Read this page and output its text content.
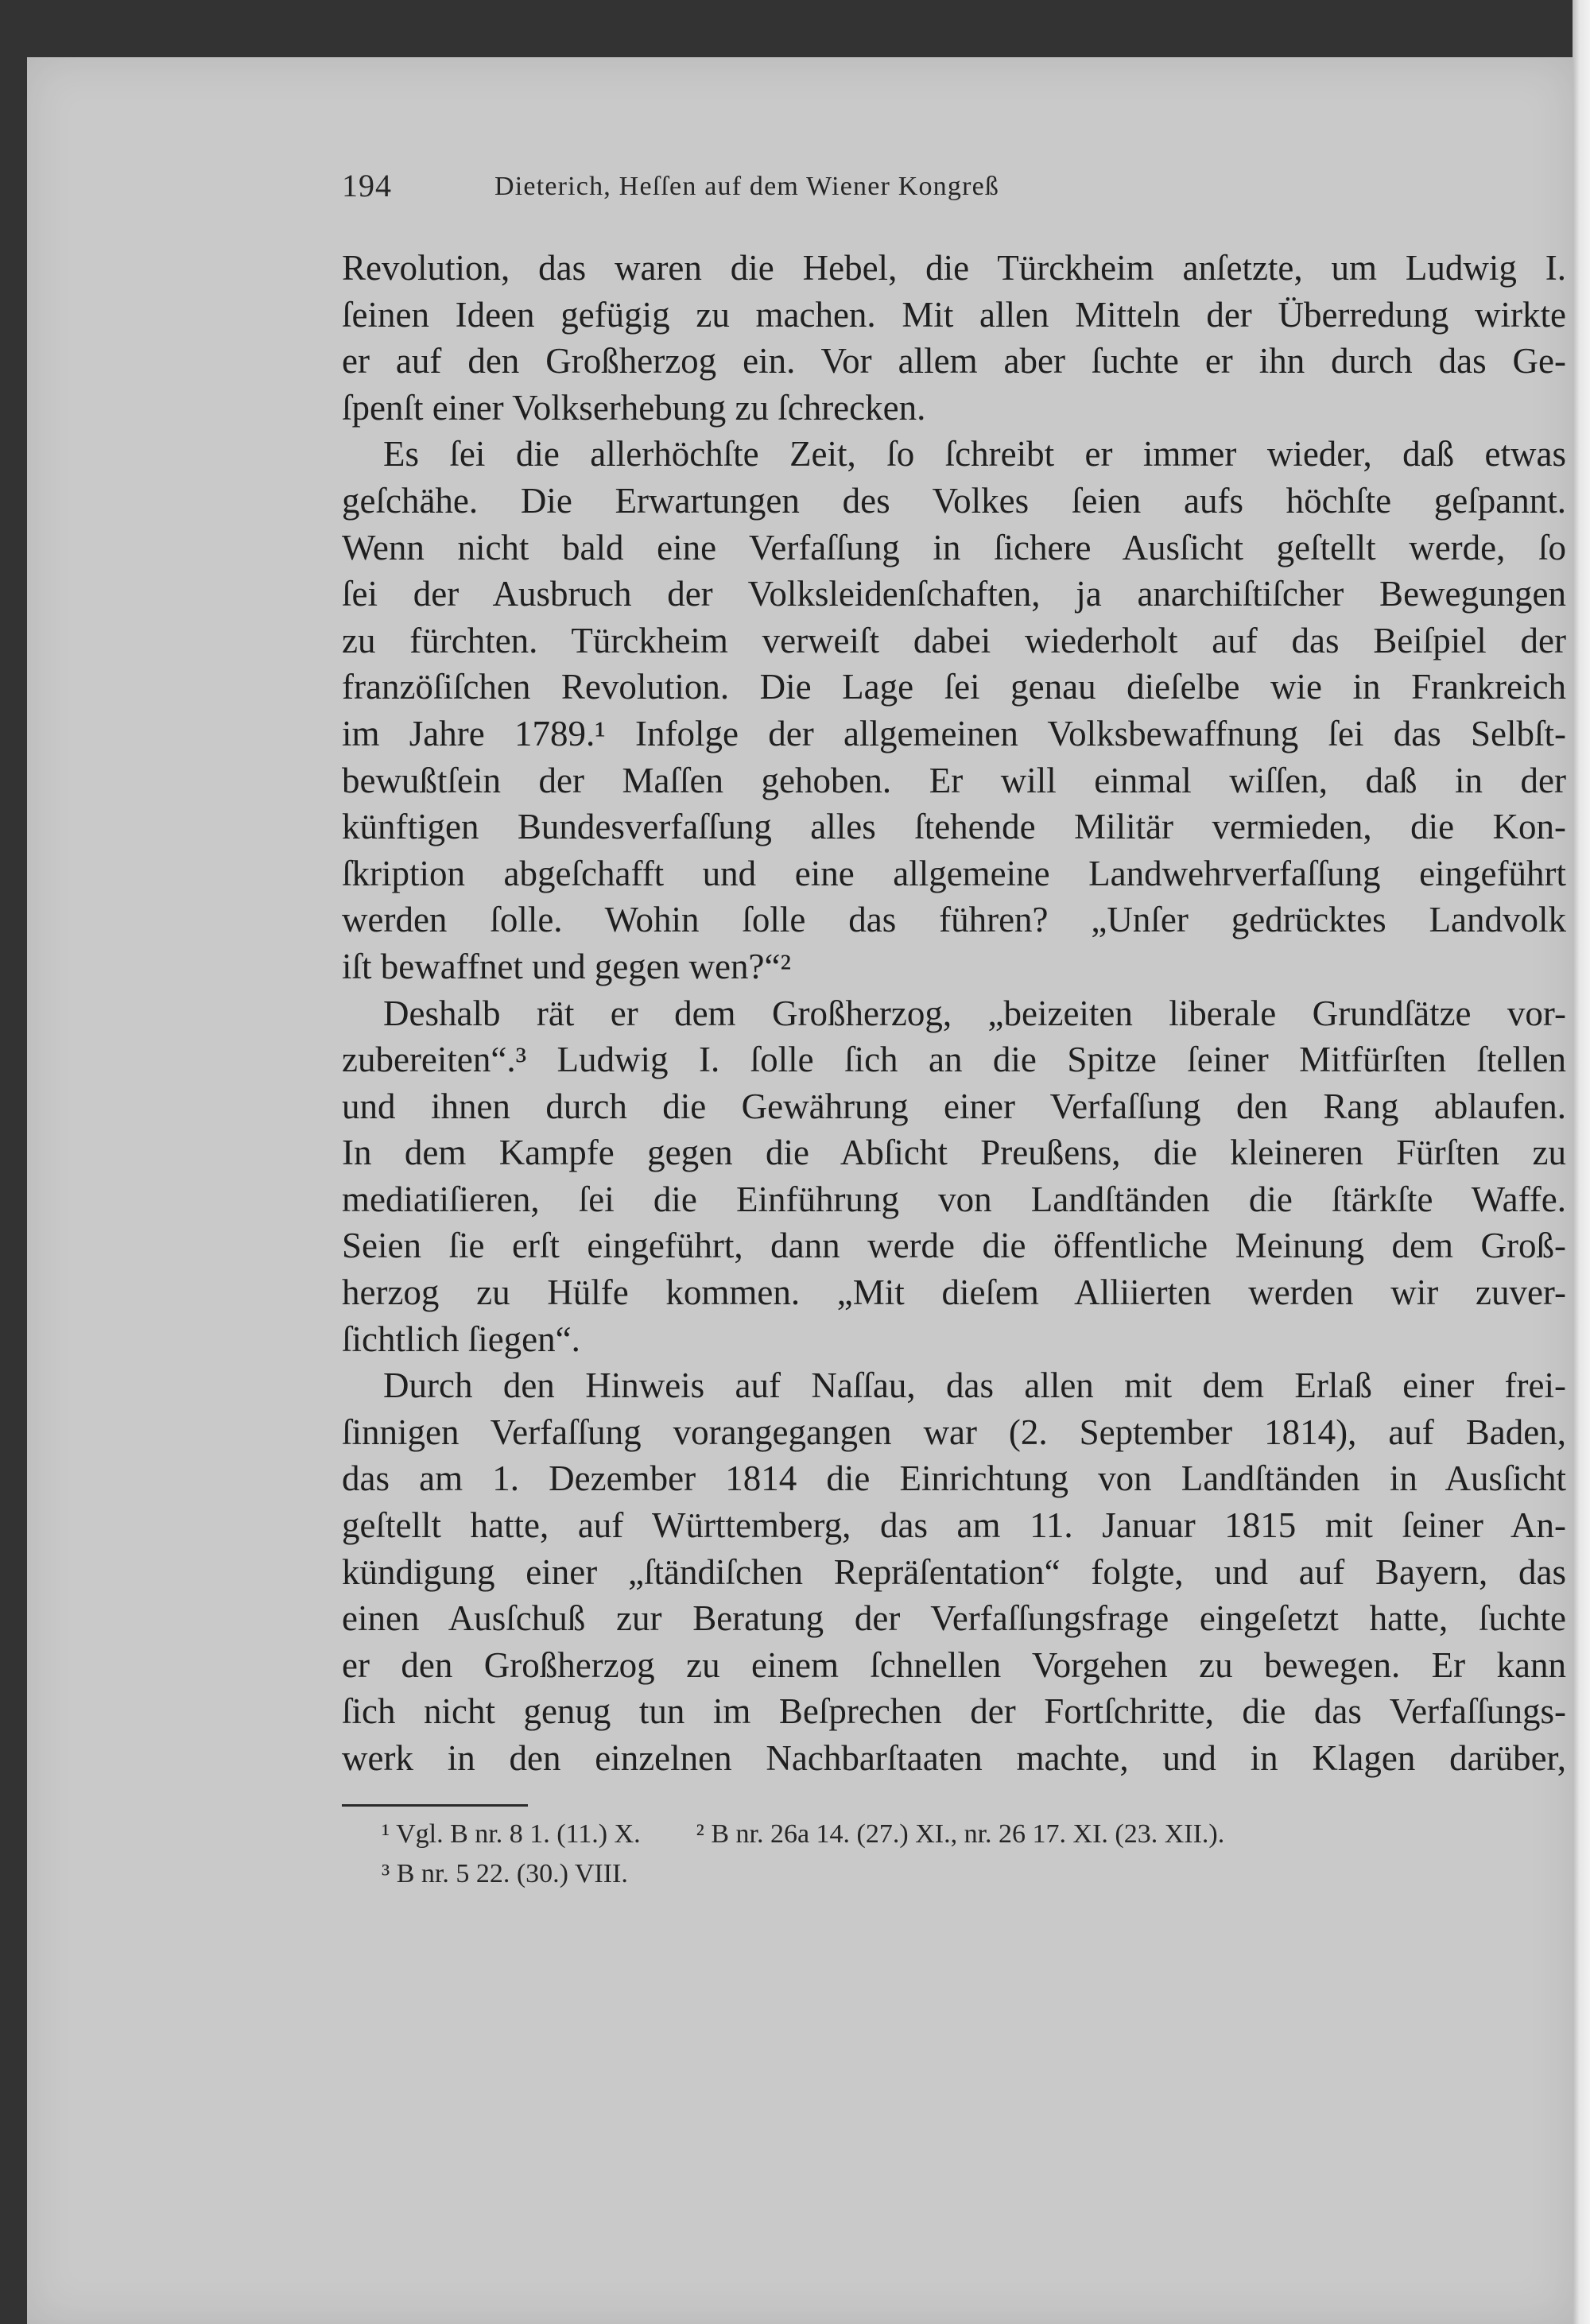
194	Dieterich, Heſſen auf dem Wiener Kongreß
Revolution, das waren die Hebel, die Türckheim anſetzte, um Ludwig I.
ſeinen Ideen gefügig zu machen. Mit allen Mitteln der Überredung wirkte
er auf den Großherzog ein. Vor allem aber ſuchte er ihn durch das Ge-
ſpenſt einer Volkserhebung zu ſchrecken.
Es ſei die allerhöchſte Zeit, ſo ſchreibt er immer wieder, daß etwas
geſchähe. Die Erwartungen des Volkes ſeien aufs höchſte geſpannt.
Wenn nicht bald eine Verfaſſung in ſichere Ausſicht geſtellt werde, ſo
ſei der Ausbruch der Volksleidenſchaften, ja anarchiſtiſcher Bewegungen
zu fürchten. Türckheim verweiſt dabei wiederholt auf das Beiſpiel der
franzöſiſchen Revolution. Die Lage ſei genau dieſelbe wie in Frankreich
im Jahre 1789.¹ Infolge der allgemeinen Volksbewaffnung ſei das Selbſt-
bewußtſein der Maſſen gehoben. Er will einmal wiſſen, daß in der
künftigen Bundesverfaſſung alles ſtehende Militär vermieden, die Kon-
ſkription abgeſchafft und eine allgemeine Landwehrverfaſſung eingeführt
werden ſolle. Wohin ſolle das führen? „Unſer gedrücktes Landvolk
iſt bewaffnet und gegen wen?“²
Deshalb rät er dem Großherzog, „beizeiten liberale Grundſätze vor-
zubereiten“.³ Ludwig I. ſolle ſich an die Spitze ſeiner Mitfürſten ſtellen
und ihnen durch die Gewährung einer Verfaſſung den Rang ablaufen.
In dem Kampfe gegen die Abſicht Preußens, die kleineren Fürſten zu
mediatiſieren, ſei die Einführung von Landſtänden die ſtärkſte Waffe.
Seien ſie erſt eingeführt, dann werde die öffentliche Meinung dem Groß-
herzog zu Hülfe kommen. „Mit dieſem Alliierten werden wir zuver-
ſichtlich ſiegen“.
Durch den Hinweis auf Naſſau, das allen mit dem Erlaß einer frei-
ſinnigen Verfaſſung vorangegangen war (2. September 1814), auf Baden,
das am 1. Dezember 1814 die Einrichtung von Landſtänden in Ausſicht
geſtellt hatte, auf Württemberg, das am 11. Januar 1815 mit ſeiner An-
kündigung einer „ſtändiſchen Repräſentation“ folgte, und auf Bayern, das
einen Ausſchuß zur Beratung der Verfaſſungsfrage eingeſetzt hatte, ſuchte
er den Großherzog zu einem ſchnellen Vorgehen zu bewegen. Er kann
ſich nicht genug tun im Beſprechen der Fortſchritte, die das Verfaſſungs-
werk in den einzelnen Nachbarſtaaten machte, und in Klagen darüber,
¹ Vgl. B nr. 8 1. (11.) X. ² B nr. 26a 14. (27.) XI., nr. 26 17. XI. (23. XII.).
³ B nr. 5 22. (30.) VIII.
